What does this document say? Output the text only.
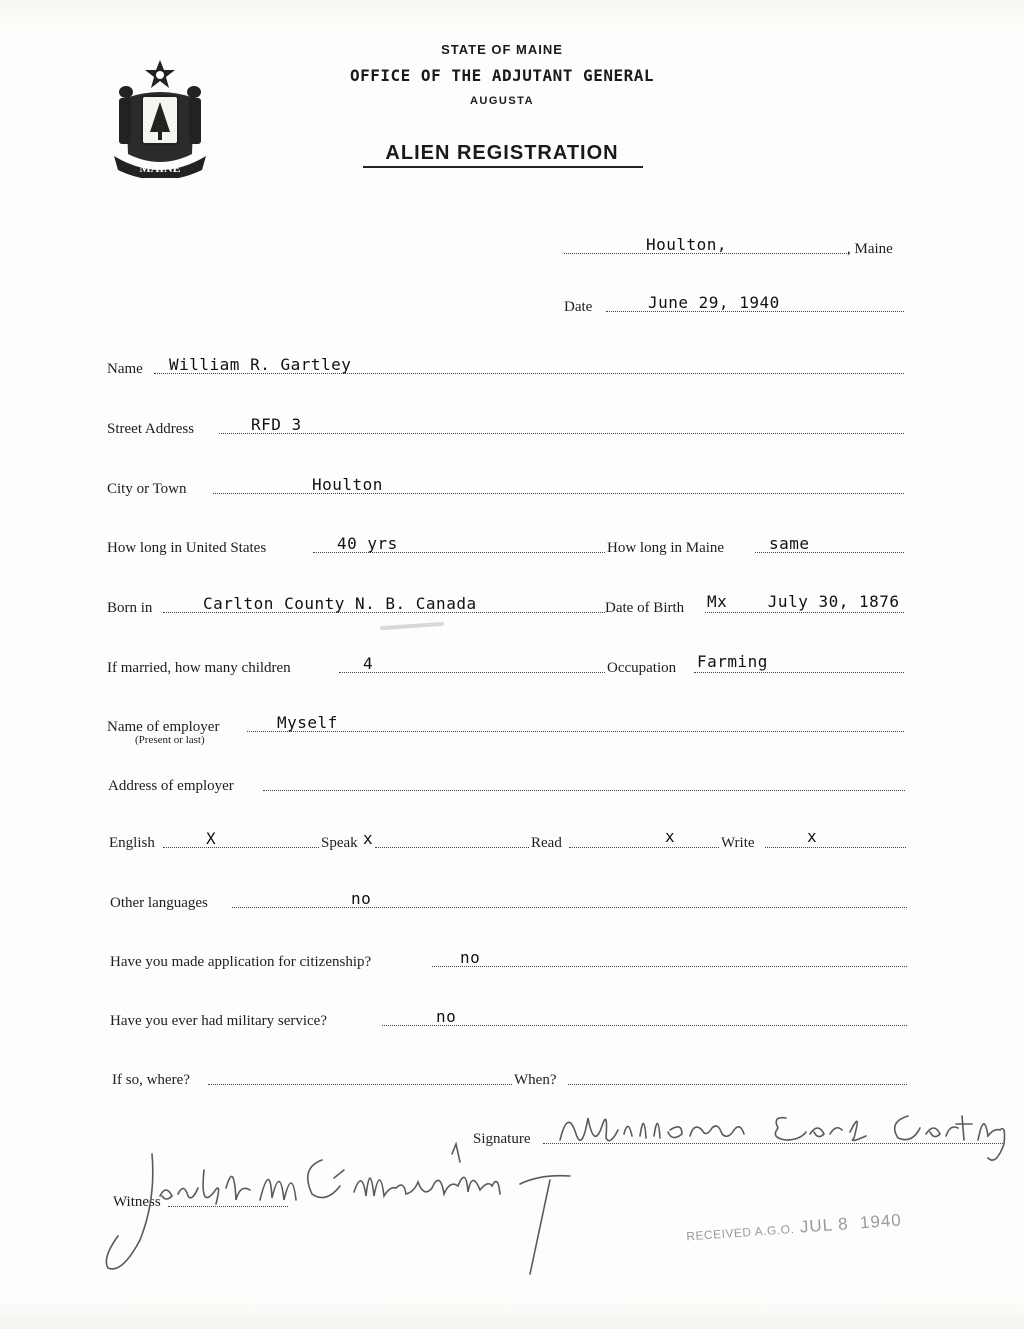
MAINE
STATE OF MAINE
OFFICE OF THE ADJUTANT GENERAL
AUGUSTA
ALIEN REGISTRATION
Houlton,	, Maine
Date	June 29, 1940
Name William R. Gartley
Street Address	RFD 3
City or Town	Houlton
How long in United States	40 yrs	How long in Maine	same
Born in	Carlton County N. B. Canada	Date of Birth Mx    July 30, 1876
If married, how many children	4	Occupation Farming
Name of employer	Myself
(Present or last)
Address of employer
English	X	Speak x	Read	x	Write	x
Other languages	no
Have you made application for citizenship?	no
Have you ever had military service?	no
If so, where?	When?
Signature
Witness
RECEIVED A.G.O. JUL 8  1940
